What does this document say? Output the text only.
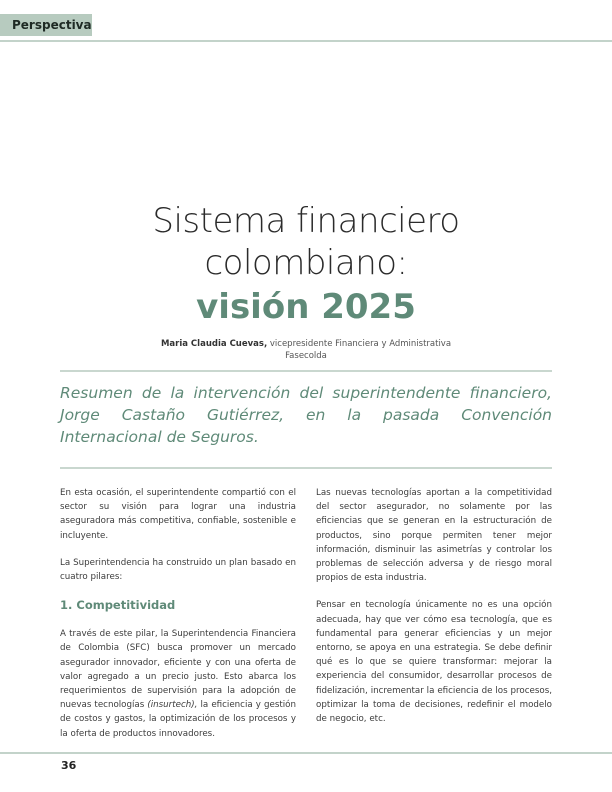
Perspectiva
Sistema financiero
colombiano:
visión 2025
Maria Claudia Cuevas, vicepresidente Financiera y Administrativa
Fasecolda
Resumen de la intervención del superintendente financiero, Jorge Castaño Gutiérrez, en la pasada Convención Internacional de Seguros.

En esta ocasión, el superintendente compartió con el sector su visión para lograr una industria aseguradora más competitiva, confiable, sostenible e incluyente.

La Superintendencia ha construido un plan basado en cuatro pilares:

1. Competitividad

A través de este pilar, la Superintendencia Financiera de Colombia (SFC) busca promover un mercado asegurador innovador, eficiente y con una oferta de valor agregado a un precio justo. Esto abarca los requerimientos de supervisión para la adopción de nuevas tecnologías (insurtech), la eficiencia y gestión de costos y gastos, la optimización de los procesos y la oferta de productos innovadores.

Las nuevas tecnologías aportan a la competitividad del sector asegurador, no solamente por las eficiencias que se generan en la estructuración de productos, sino porque permiten tener mejor información, disminuir las asimetrías y controlar los problemas de selección adversa y de riesgo moral propios de esta industria.

Pensar en tecnología únicamente no es una opción adecuada, hay que ver cómo esa tecnología, que es fundamental para generar eficiencias y un mejor entorno, se apoya en una estrategia. Se debe definir qué es lo que se quiere transformar: mejorar la experiencia del consumidor, desarrollar procesos de fidelización, incrementar la eficiencia de los procesos, optimizar la toma de decisiones, redefinir el modelo de negocio, etc.

36
